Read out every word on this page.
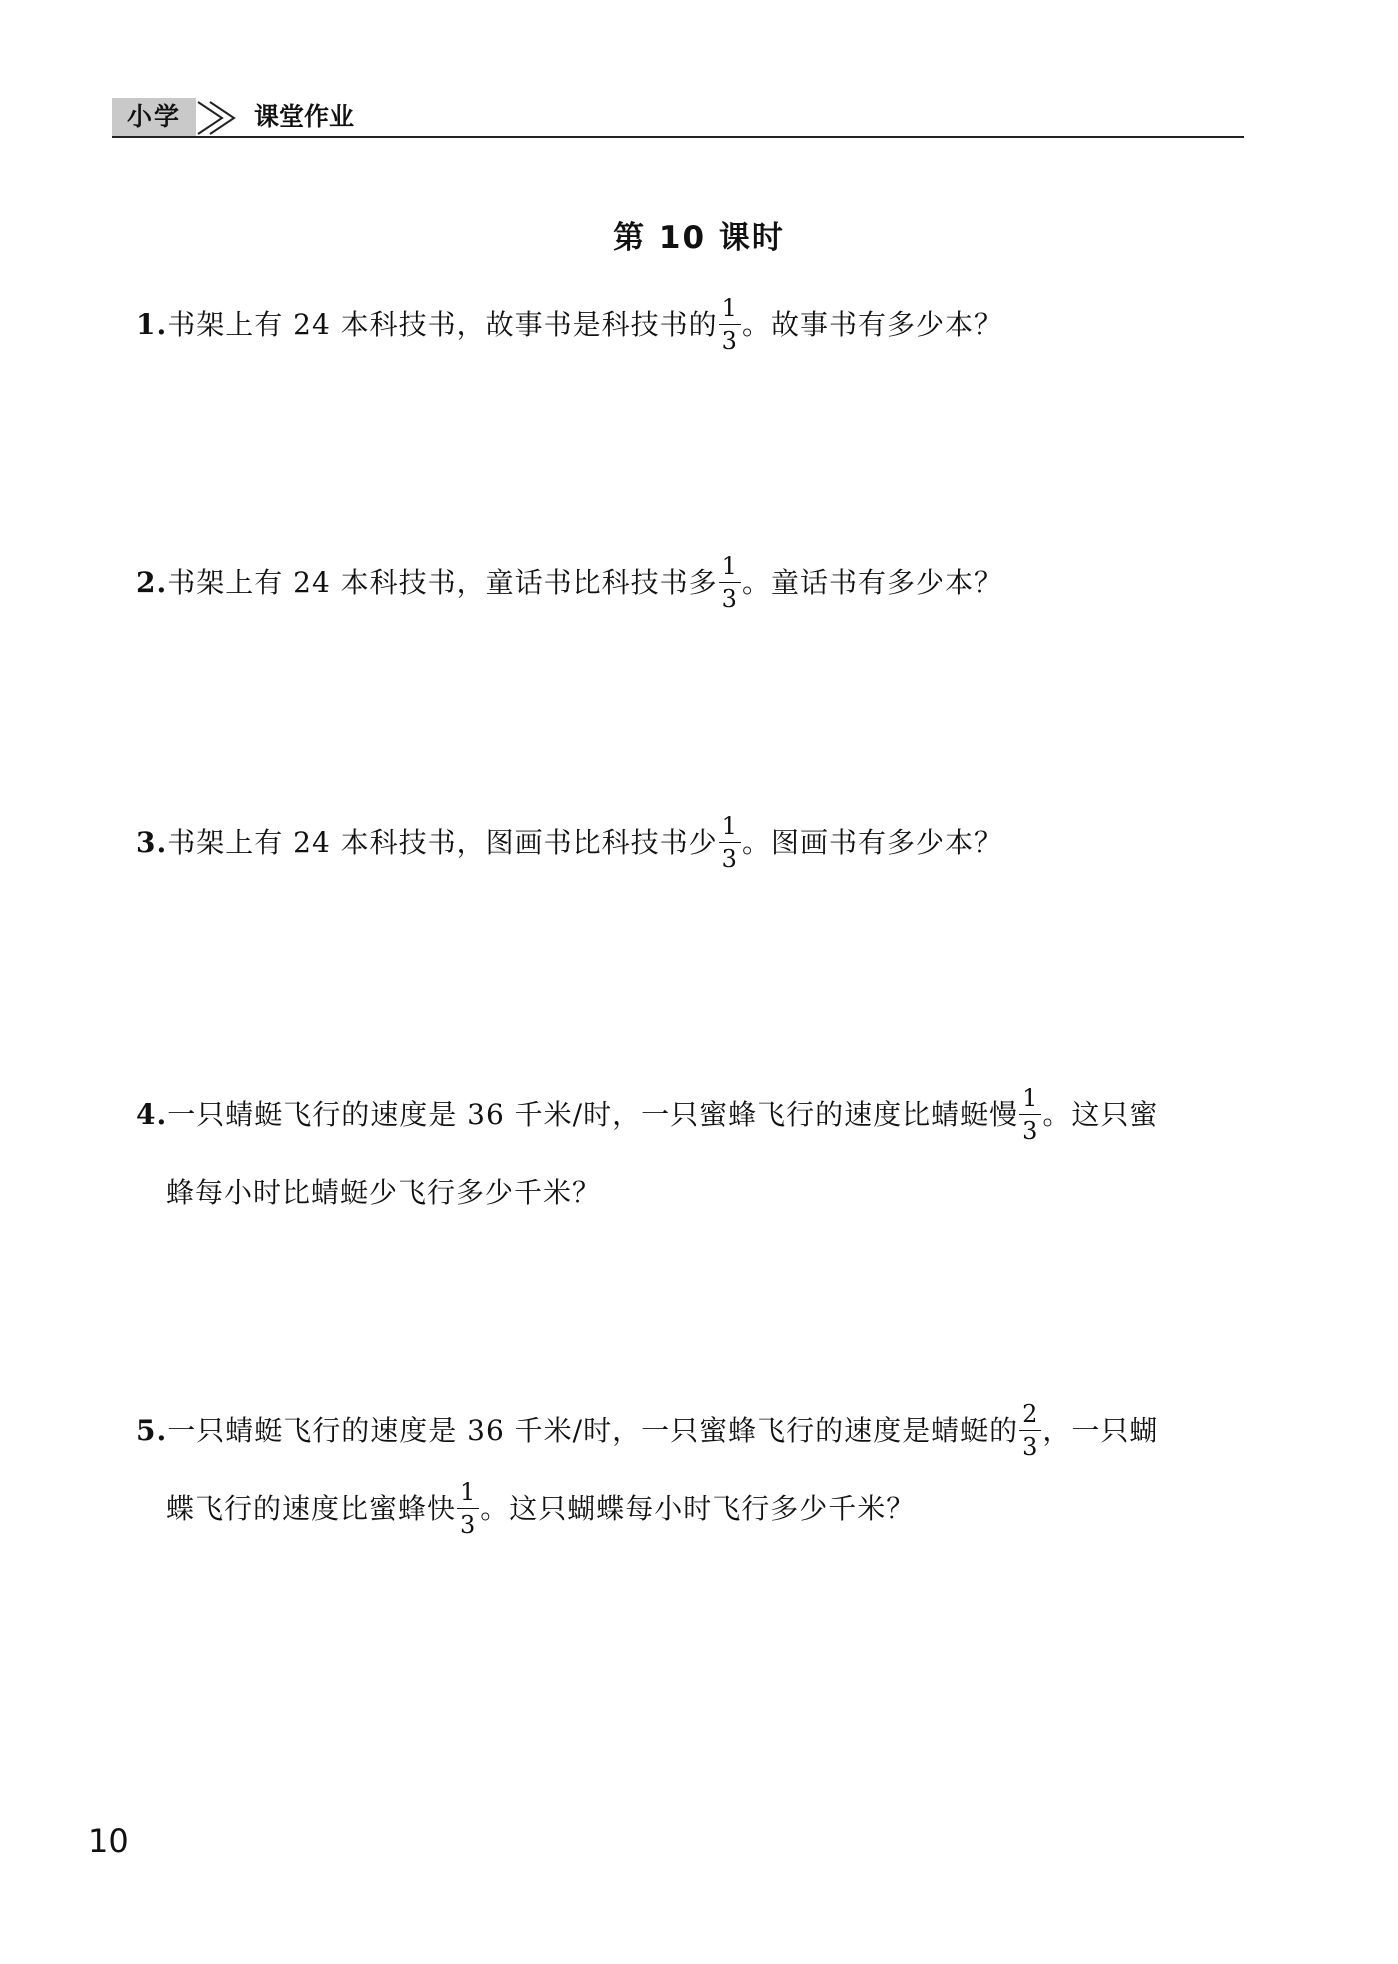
小学	课堂作业
第 10 课时
1.书架上有 24 本科技书，故事书是科技书的 $\frac{1}{3}$ 。故事书有多少本？
2.书架上有 24 本科技书，童话书比科技书多 $\frac{1}{3}$ 。童话书有多少本？
3.书架上有 24 本科技书，图画书比科技书少 $\frac{1}{3}$ 。图画书有多少本？
4.一只蜻蜓飞行的速度是 36 千米/时，一只蜜蜂飞行的速度比蜻蜓慢 $\frac{1}{3}$ 。这只蜜
蜂每小时比蜻蜓少飞行多少千米？
5.一只蜻蜓飞行的速度是 36 千米/时，一只蜜蜂飞行的速度是蜻蜓的 $\frac{2}{3}$ ，一只蝴
蝶飞行的速度比蜜蜂快 $\frac{1}{3}$ 。这只蝴蝶每小时飞行多少千米？
10
